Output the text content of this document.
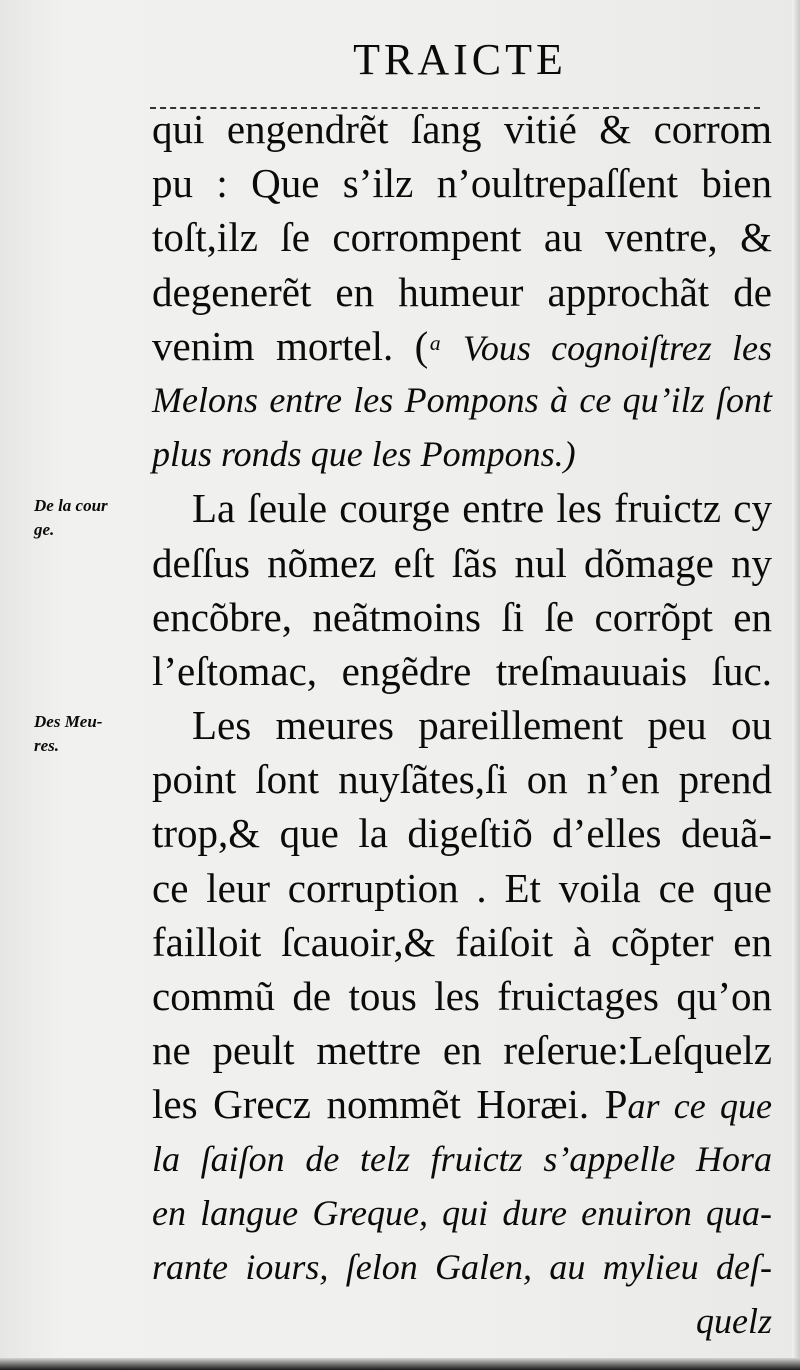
TRAICTE
De la cour
ge.
Des Meu-
res.
qui engendrẽt ſang vitié & corrom
pu : Que s’ilz n’oultrepaſſent bien
toſt,ilz ſe corrompent au ventre, &
degenerẽt en humeur approchãt de
venim mortel. (ᵃ Vous cognoiſtrez les
Melons entre les Pompons à ce qu’ilz ſont
plus ronds que les Pompons.)
La ſeule courge entre les fruictz cy
deſſus nõmez eſt ſãs nul dõmage ny
encõbre, neãtmoins ſi ſe corrõpt en
l’eſtomac, engẽdre treſmauuais ſuc.
Les meures pareillement peu ou
point ſont nuyſãtes,ſi on n’en prend
trop,& que la digeſtiõ d’elles deuã-
ce leur corruption . Et voila ce que
failloit ſcauoir,& faiſoit à cõpter en
commũ de tous les fruictages qu’on
ne peult mettre en reſerue:Leſquelz
les Grecz nommẽt Horæi. Par ce que
la ſaiſon de telz fruictz s’appelle Hora
en langue Greque, qui dure enuiron qua-
rante iours, ſelon Galen, au mylieu deſ-
quelz
